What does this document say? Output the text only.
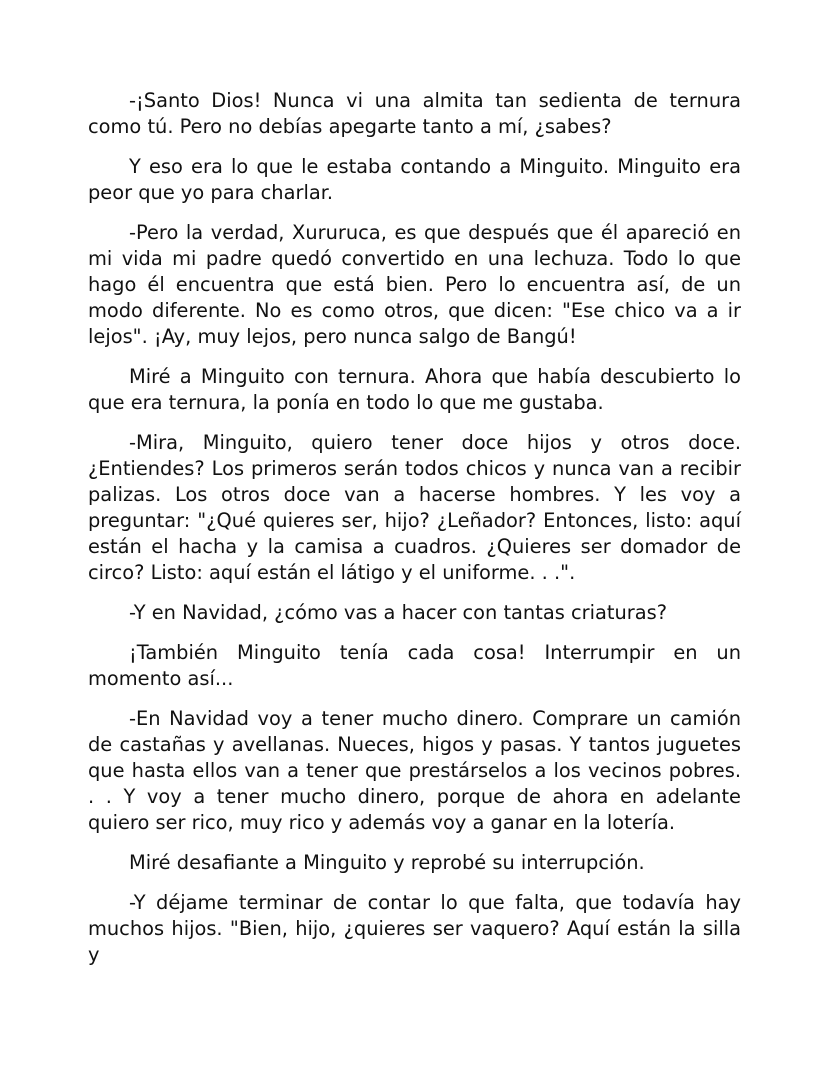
-¡Santo Dios! Nunca vi una almita tan sedienta de ternura como tú. Pero no debías apegarte tanto a mí, ¿sabes?

Y eso era lo que le estaba contando a Minguito. Minguito era peor que yo para charlar.

-Pero la verdad, Xururuca, es que después que él apareció en mi vida mi padre quedó convertido en una lechuza. Todo lo que hago él encuentra que está bien. Pero lo encuentra así, de un modo diferente. No es como otros, que dicen: "Ese chico va a ir lejos". ¡Ay, muy lejos, pero nunca salgo de Bangú!

Miré a Minguito con ternura. Ahora que había descubierto lo que era ternura, la ponía en todo lo que me gustaba.

-Mira, Minguito, quiero tener doce hijos y otros doce. ¿Entiendes? Los primeros serán todos chicos y nunca van a recibir palizas. Los otros doce van a hacerse hombres. Y les voy a preguntar: "¿Qué quieres ser, hijo? ¿Leñador? Entonces, listo: aquí están el hacha y la camisa a cuadros. ¿Quieres ser domador de circo? Listo: aquí están el látigo y el uniforme. . .".

-Y en Navidad, ¿cómo vas a hacer con tantas criaturas?

¡También Minguito tenía cada cosa! Interrumpir en un momento así...

-En Navidad voy a tener mucho dinero. Comprare un camión de castañas y avellanas. Nueces, higos y pasas. Y tantos juguetes que hasta ellos van a tener que prestárselos a los vecinos pobres. . . Y voy a tener mucho dinero, porque de ahora en adelante quiero ser rico, muy rico y además voy a ganar en la lotería.

Miré desafiante a Minguito y reprobé su interrupción.

-Y déjame terminar de contar lo que falta, que todavía hay muchos hijos. "Bien, hijo, ¿quieres ser vaquero? Aquí están la silla y
